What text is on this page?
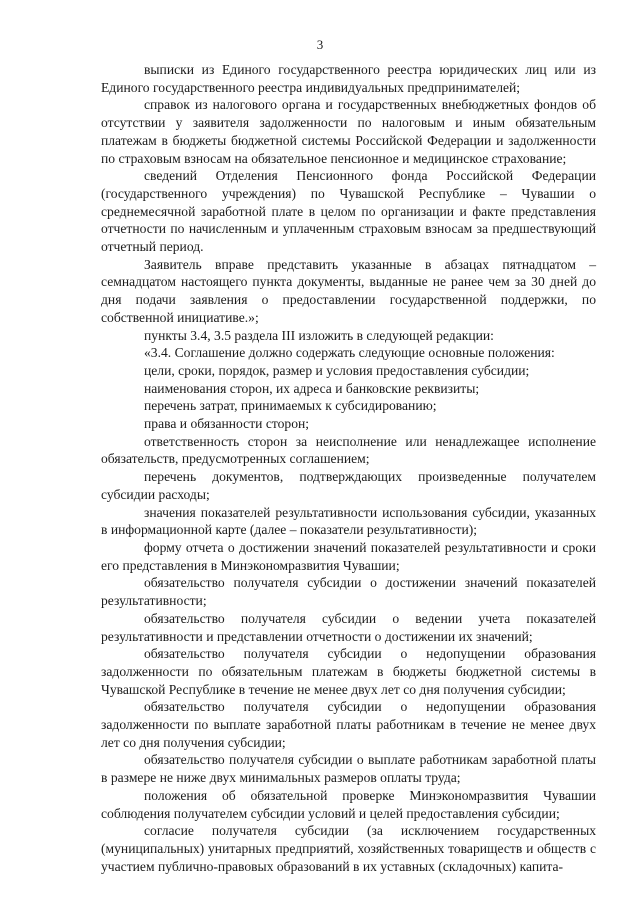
3

выписки из Единого государственного реестра юридических лиц или из Единого государственного реестра индивидуальных предпринимателей;

справок из налогового органа и государственных внебюджетных фондов об отсутствии у заявителя задолженности по налоговым и иным обязательным платежам в бюджеты бюджетной системы Российской Федерации и задолженности по страховым взносам на обязательное пенсионное и медицинское страхование;

сведений Отделения Пенсионного фонда Российской Федерации (государственного учреждения) по Чувашской Республике – Чувашии о среднемесячной заработной плате в целом по организации и факте представления отчетности по начисленным и уплаченным страховым взносам за предшествующий отчетный период.

Заявитель вправе представить указанные в абзацах пятнадцатом – семнадцатом настоящего пункта документы, выданные не ранее чем за 30 дней до дня подачи заявления о предоставлении государственной поддержки, по собственной инициативе.»;

пункты 3.4, 3.5 раздела III изложить в следующей редакции:

«3.4. Соглашение должно содержать следующие основные положения:

цели, сроки, порядок, размер и условия предоставления субсидии;

наименования сторон, их адреса и банковские реквизиты;

перечень затрат, принимаемых к субсидированию;

права и обязанности сторон;

ответственность сторон за неисполнение или ненадлежащее исполнение обязательств, предусмотренных соглашением;

перечень документов, подтверждающих произведенные получателем субсидии расходы;

значения показателей результативности использования субсидии, указанных в информационной карте (далее – показатели результативности);

форму отчета о достижении значений показателей результативности и сроки его представления в Минэкономразвития Чувашии;

обязательство получателя субсидии о достижении значений показателей результативности;

обязательство получателя субсидии о ведении учета показателей результативности и представлении отчетности о достижении их значений;

обязательство получателя субсидии о недопущении образования задолженности по обязательным платежам в бюджеты бюджетной системы в Чувашской Республике в течение не менее двух лет со дня получения субсидии;

обязательство получателя субсидии о недопущении образования задолженности по выплате заработной платы работникам в течение не менее двух лет со дня получения субсидии;

обязательство получателя субсидии о выплате работникам заработной платы в размере не ниже двух минимальных размеров оплаты труда;

положения об обязательной проверке Минэкономразвития Чувашии соблюдения получателем субсидии условий и целей предоставления субсидии;

согласие получателя субсидии (за исключением государственных (муниципальных) унитарных предприятий, хозяйственных товариществ и обществ с участием публично-правовых образований в их уставных (складочных) капита-
